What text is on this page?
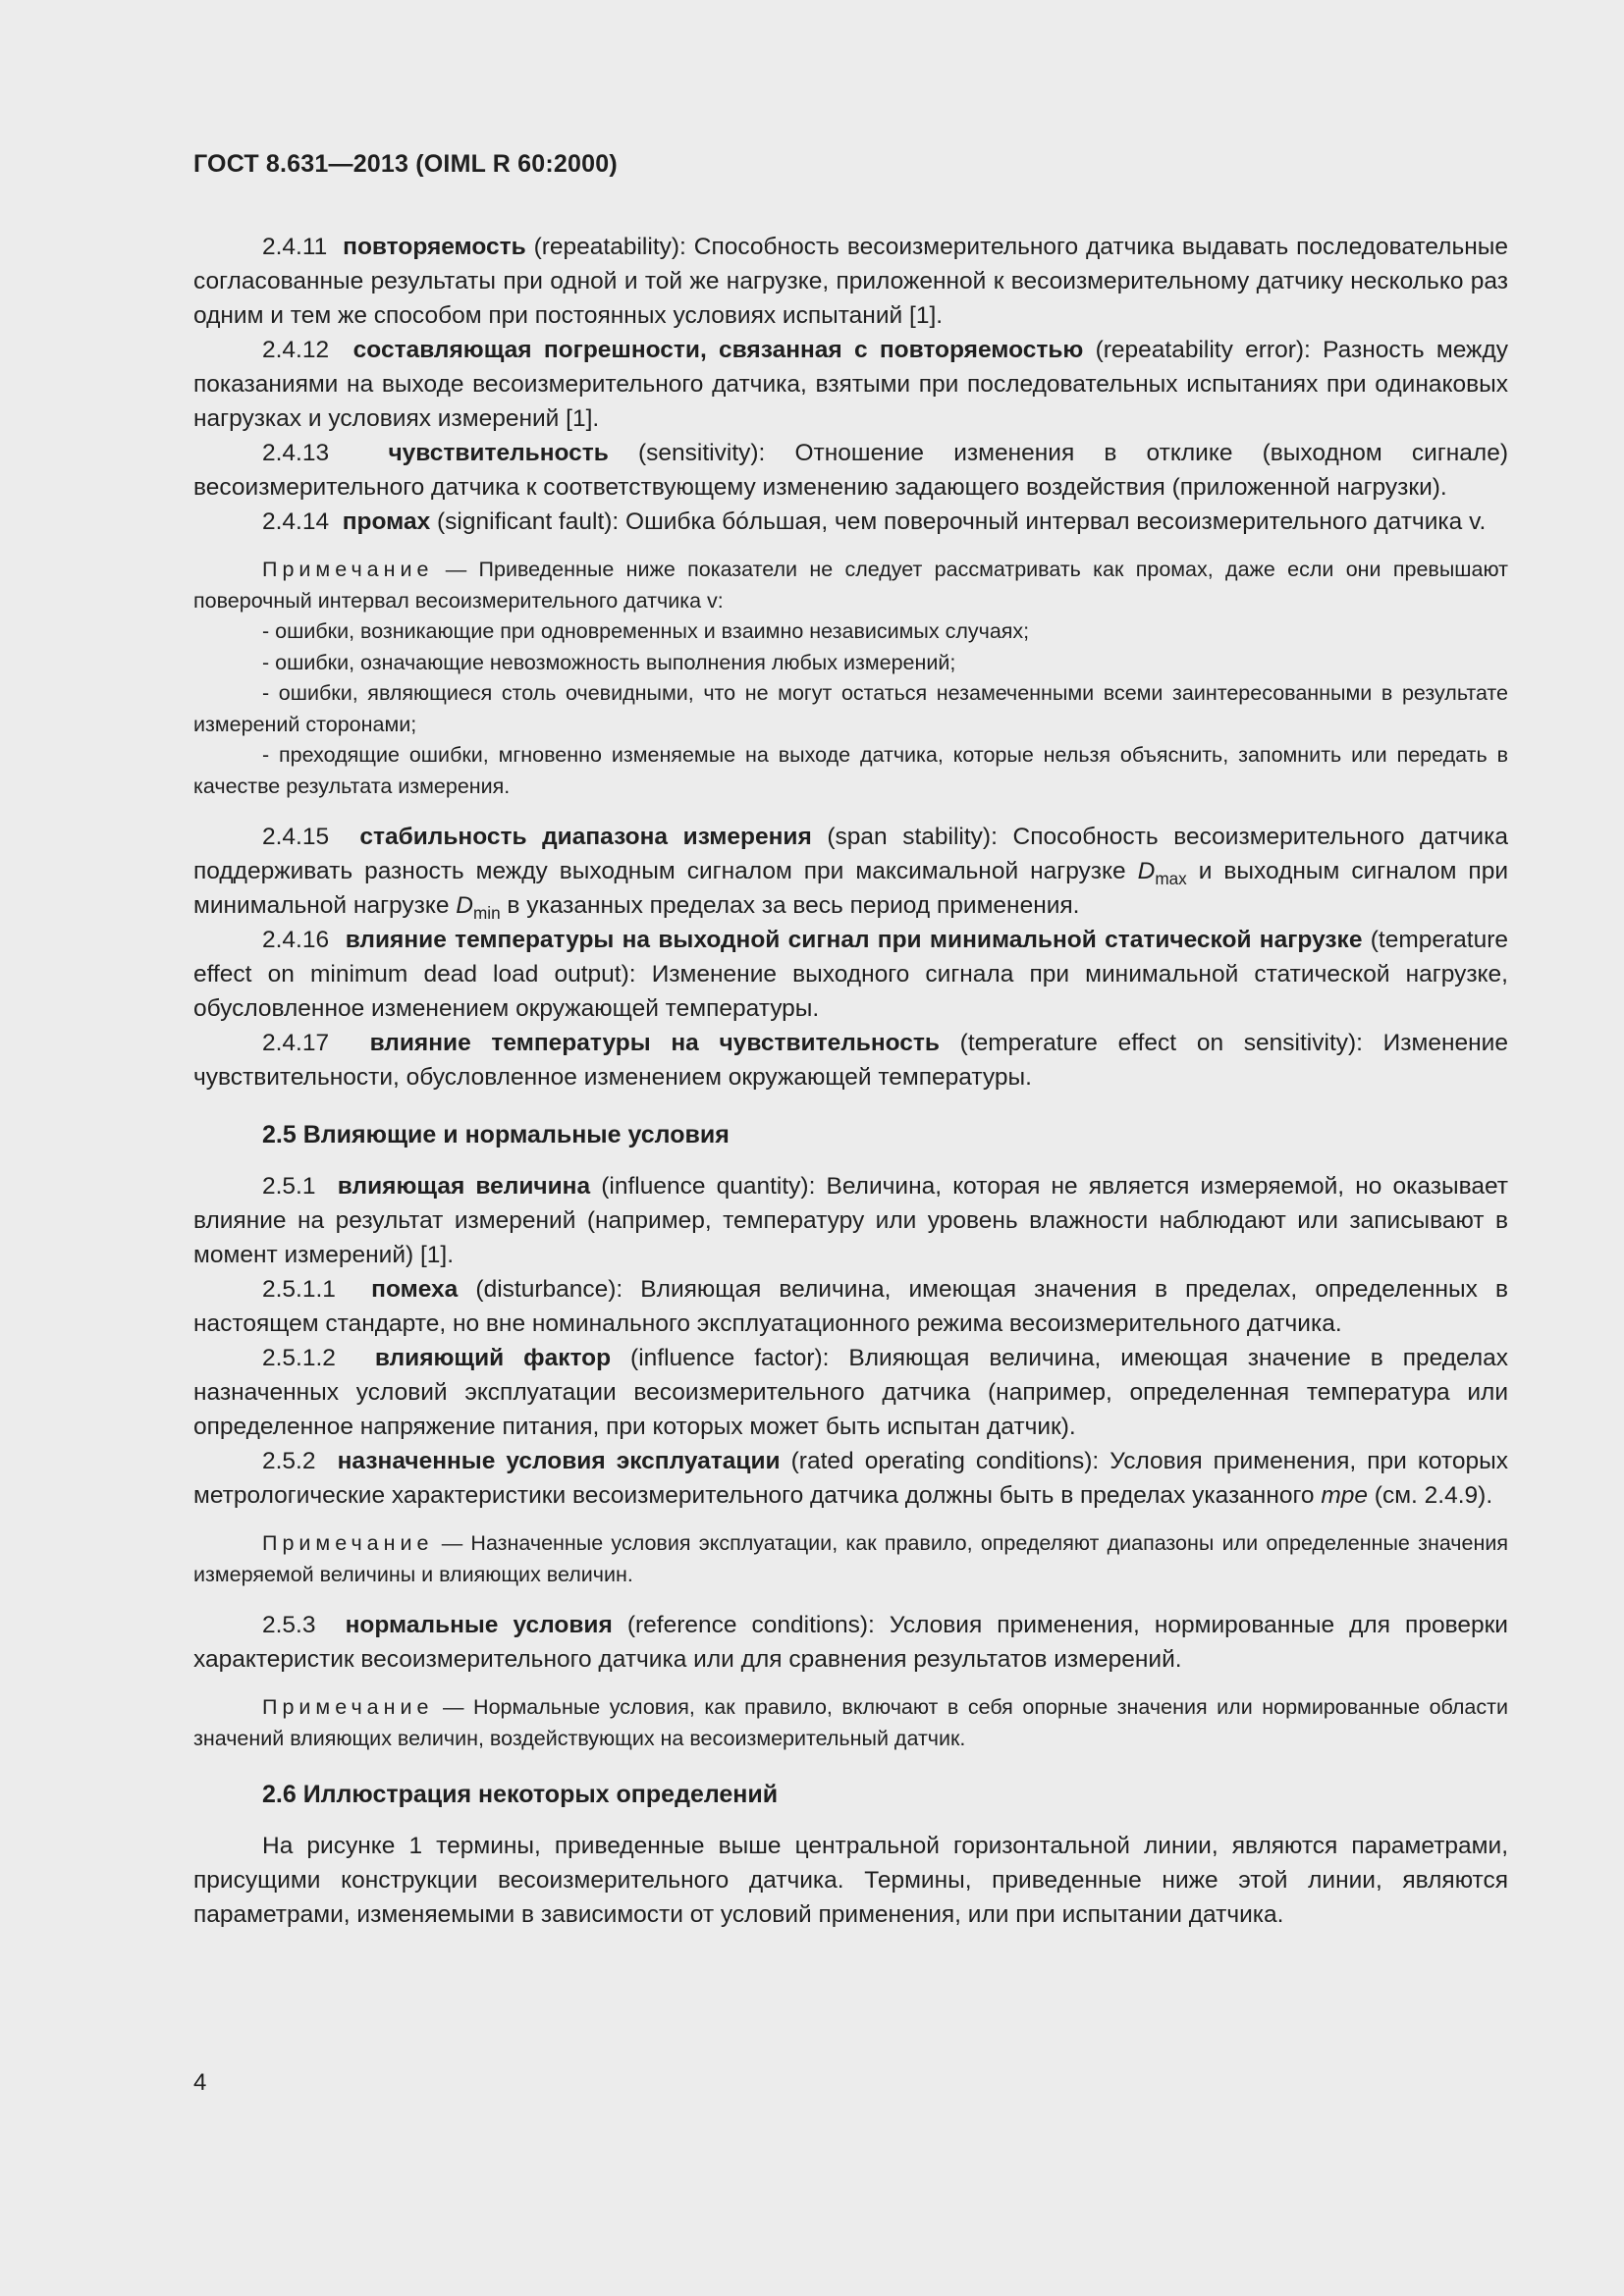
ГОСТ 8.631—2013 (OIML R 60:2000)

2.4.11 повторяемость (repeatability): Способность весоизмерительного датчика выдавать последовательные согласованные результаты при одной и той же нагрузке, приложенной к весоизмерительному датчику несколько раз одним и тем же способом при постоянных условиях испытаний [1].

2.4.12 составляющая погрешности, связанная с повторяемостью (repeatability error): Разность между показаниями на выходе весоизмерительного датчика, взятыми при последовательных испытаниях при одинаковых нагрузках и условиях измерений [1].

2.4.13 чувствительность (sensitivity): Отношение изменения в отклике (выходном сигнале) весоизмерительного датчика к соответствующему изменению задающего воздействия (приложенной нагрузки).

2.4.14 промах (significant fault): Ошибка бóльшая, чем поверочный интервал весоизмерительного датчика v.

Примечание — Приведенные ниже показатели не следует рассматривать как промах, даже если они превышают поверочный интервал весоизмерительного датчика v:

- ошибки, возникающие при одновременных и взаимно независимых случаях;

- ошибки, означающие невозможность выполнения любых измерений;

- ошибки, являющиеся столь очевидными, что не могут остаться незамеченными всеми заинтересованными в результате измерений сторонами;

- преходящие ошибки, мгновенно изменяемые на выходе датчика, которые нельзя объяснить, запомнить или передать в качестве результата измерения.

2.4.15 стабильность диапазона измерения (span stability): Способность весоизмерительного датчика поддерживать разность между выходным сигналом при максимальной нагрузке $D_{max}$ и выходным сигналом при минимальной нагрузке $D_{min}$ в указанных пределах за весь период применения.

2.4.16 влияние температуры на выходной сигнал при минимальной статической нагрузке (temperature effect on minimum dead load output): Изменение выходного сигнала при минимальной статической нагрузке, обусловленное изменением окружающей температуры.

2.4.17 влияние температуры на чувствительность (temperature effect on sensitivity): Изменение чувствительности, обусловленное изменением окружающей температуры.

2.5 Влияющие и нормальные условия

2.5.1 влияющая величина (influence quantity): Величина, которая не является измеряемой, но оказывает влияние на результат измерений (например, температуру или уровень влажности наблюдают или записывают в момент измерений) [1].

2.5.1.1 помеха (disturbance): Влияющая величина, имеющая значения в пределах, определенных в настоящем стандарте, но вне номинального эксплуатационного режима весоизмерительного датчика.

2.5.1.2 влияющий фактор (influence factor): Влияющая величина, имеющая значение в пределах назначенных условий эксплуатации весоизмерительного датчика (например, определенная температура или определенное напряжение питания, при которых может быть испытан датчик).

2.5.2 назначенные условия эксплуатации (rated operating conditions): Условия применения, при которых метрологические характеристики весоизмерительного датчика должны быть в пределах указанного mpe (см. 2.4.9).

Примечание — Назначенные условия эксплуатации, как правило, определяют диапазоны или определенные значения измеряемой величины и влияющих величин.

2.5.3 нормальные условия (reference conditions): Условия применения, нормированные для проверки характеристик весоизмерительного датчика или для сравнения результатов измерений.

Примечание — Нормальные условия, как правило, включают в себя опорные значения или нормированные области значений влияющих величин, воздействующих на весоизмерительный датчик.

2.6 Иллюстрация некоторых определений

На рисунке 1 термины, приведенные выше центральной горизонтальной линии, являются параметрами, присущими конструкции весоизмерительного датчика. Термины, приведенные ниже этой линии, являются параметрами, изменяемыми в зависимости от условий применения, или при испытании датчика.

4
